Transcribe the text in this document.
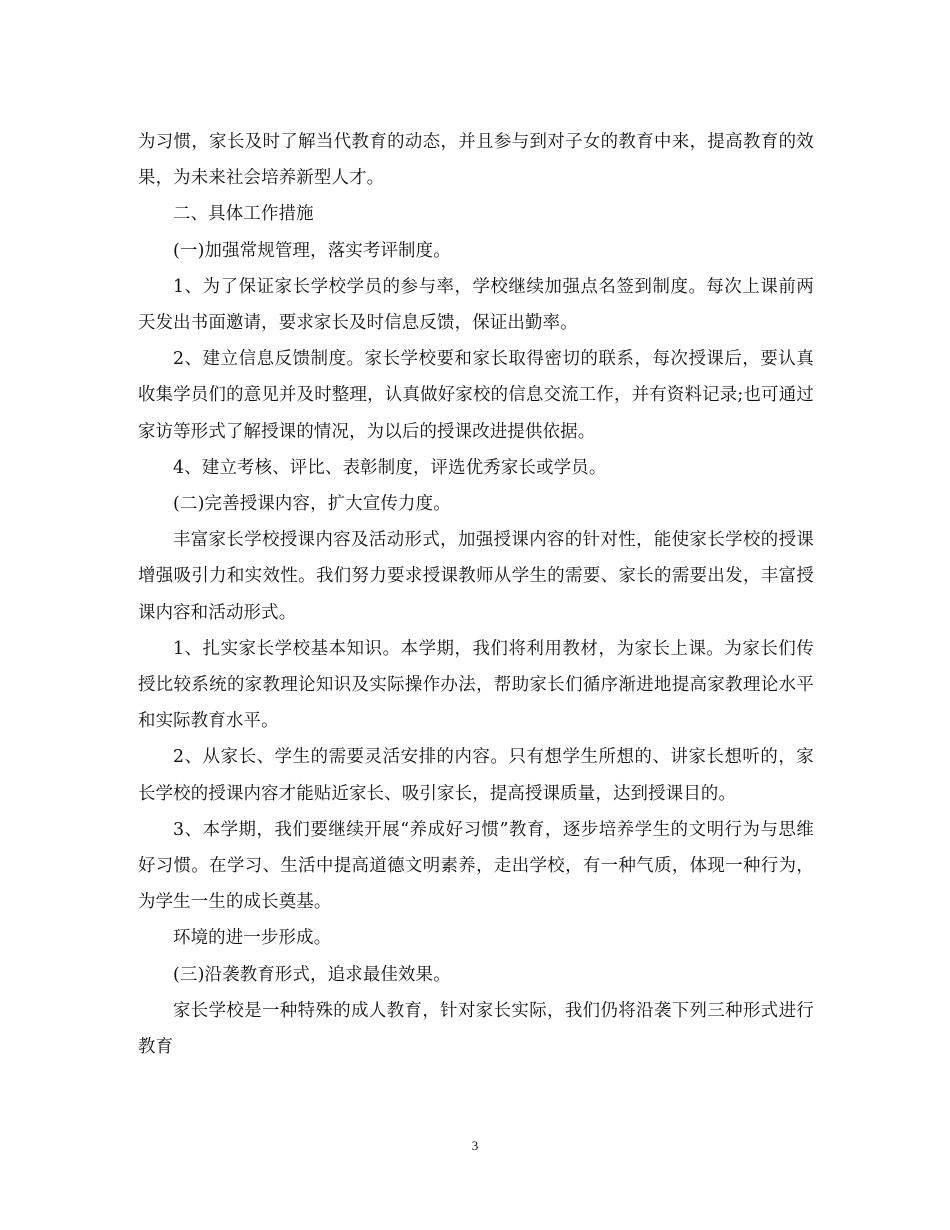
为习惯，家长及时了解当代教育的动态，并且参与到对子女的教育中来，提高教育的效果，为未来社会培养新型人才。

二、具体工作措施

(一)加强常规管理，落实考评制度。

1、为了保证家长学校学员的参与率，学校继续加强点名签到制度。每次上课前两天发出书面邀请，要求家长及时信息反馈，保证出勤率。

2、建立信息反馈制度。家长学校要和家长取得密切的联系，每次授课后，要认真收集学员们的意见并及时整理，认真做好家校的信息交流工作，并有资料记录;也可通过家访等形式了解授课的情况，为以后的授课改进提供依据。

4、建立考核、评比、表彰制度，评选优秀家长或学员。

(二)完善授课内容，扩大宣传力度。

丰富家长学校授课内容及活动形式，加强授课内容的针对性，能使家长学校的授课增强吸引力和实效性。我们努力要求授课教师从学生的需要、家长的需要出发，丰富授课内容和活动形式。

1、扎实家长学校基本知识。本学期，我们将利用教材，为家长上课。为家长们传授比较系统的家教理论知识及实际操作办法，帮助家长们循序渐进地提高家教理论水平和实际教育水平。

2、从家长、学生的需要灵活安排的内容。只有想学生所想的、讲家长想听的，家长学校的授课内容才能贴近家长、吸引家长，提高授课质量，达到授课目的。

3、本学期，我们要继续开展“养成好习惯”教育，逐步培养学生的文明行为与思维好习惯。在学习、生活中提高道德文明素养，走出学校，有一种气质，体现一种行为，为学生一生的成长奠基。

环境的进一步形成。

(三)沿袭教育形式，追求最佳效果。

家长学校是一种特殊的成人教育，针对家长实际，我们仍将沿袭下列三种形式进行教育

3
